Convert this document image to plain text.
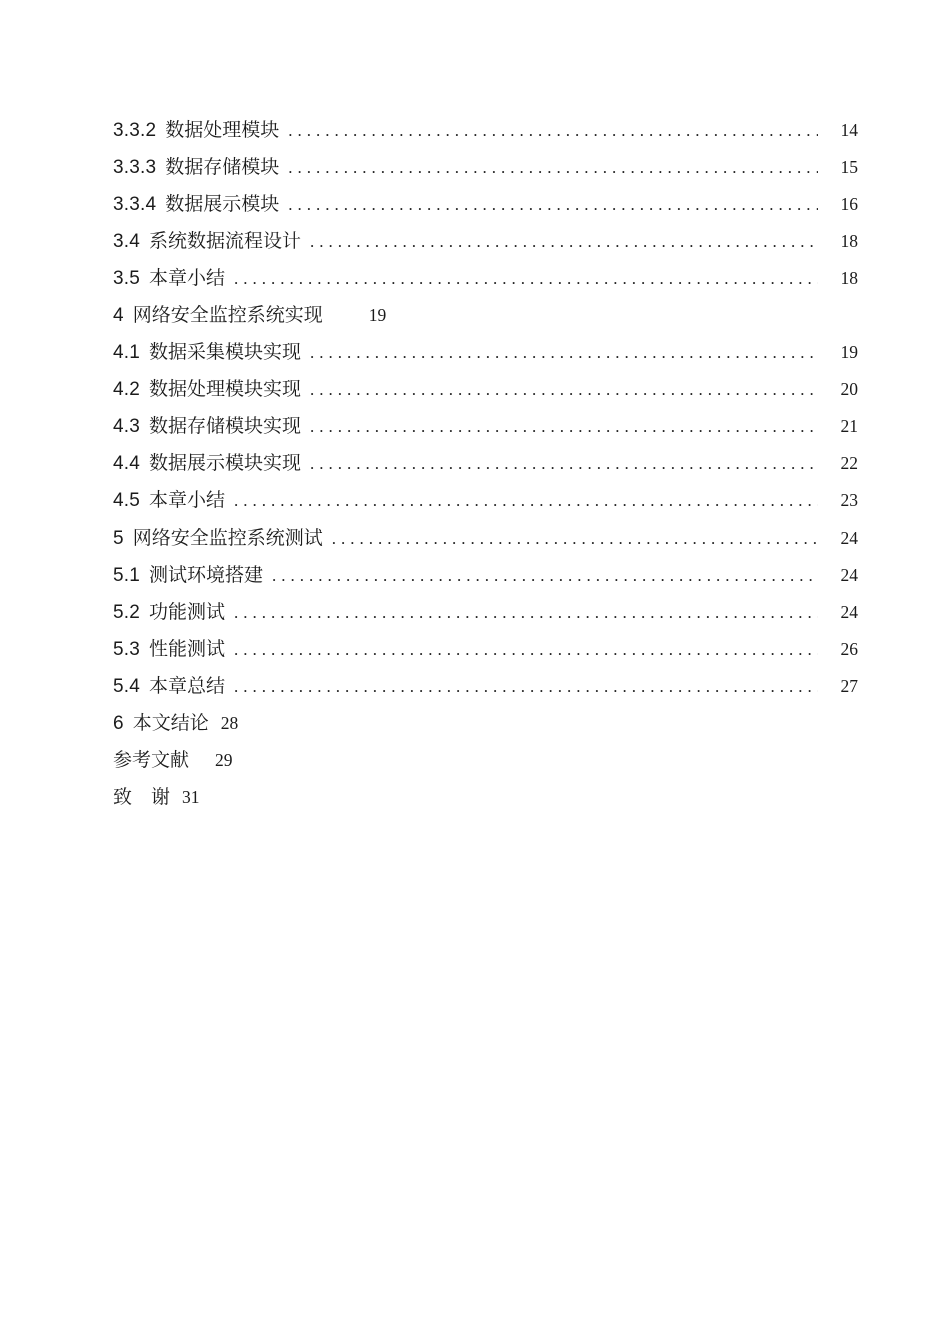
3.3.2 数据处理模块 .....	14
3.3.3 数据存储模块 .....	15
3.3.4 数据展示模块 .....	16
3.4 系统数据流程设计 .....	18
3.5 本章小结 .....	18
4 网络安全监控系统实现	19
4.1 数据采集模块实现 .....	19
4.2 数据处理模块实现 .....	20
4.3 数据存储模块实现 .....	21
4.4 数据展示模块实现 .....	22
4.5 本章小结 .....	23
5 网络安全监控系统测试 .....	24
5.1 测试环境搭建 .....	24
5.2 功能测试 .....	24
5.3 性能测试 .....	26
5.4 本章总结 .....	27
6 本文结论 28
参考文献 29
致　谢 31
